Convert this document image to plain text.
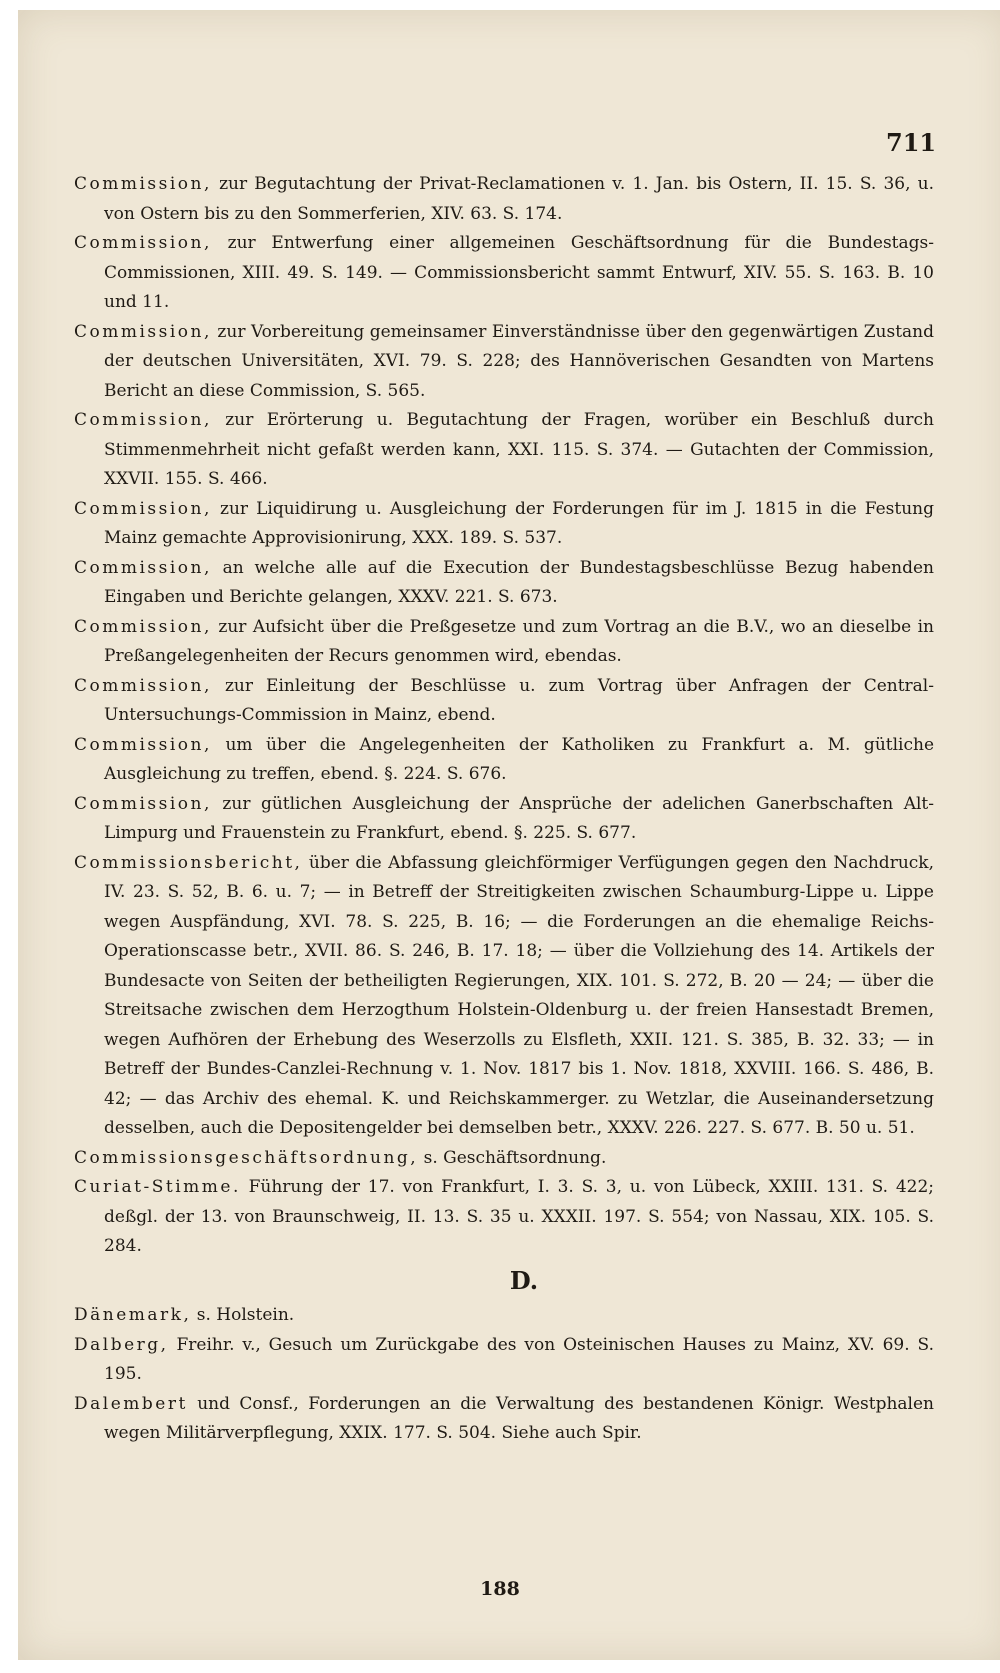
711
Commission, zur Begutachtung der Privat-Reclamationen v. 1. Jan. bis Ostern, II. 15. S. 36, u. von Ostern bis zu den Sommerferien, XIV. 63. S. 174.
Commission, zur Entwerfung einer allgemeinen Geschäftsordnung für die Bundestags-Commissionen, XIII. 49. S. 149. — Commissionsbericht sammt Entwurf, XIV. 55. S. 163. B. 10 und 11.
Commission, zur Vorbereitung gemeinsamer Einverständnisse über den gegenwärtigen Zustand der deutschen Universitäten, XVI. 79. S. 228; des Hannöverischen Gesandten von Martens Bericht an diese Commission, S. 565.
Commission, zur Erörterung u. Begutachtung der Fragen, worüber ein Beschluß durch Stimmenmehrheit nicht gefaßt werden kann, XXI. 115. S. 374. — Gutachten der Commission, XXVII. 155. S. 466.
Commission, zur Liquidirung u. Ausgleichung der Forderungen für im J. 1815 in die Festung Mainz gemachte Approvisionirung, XXX. 189. S. 537.
Commission, an welche alle auf die Execution der Bundestagsbeschlüsse Bezug habenden Eingaben und Berichte gelangen, XXXV. 221. S. 673.
Commission, zur Aufsicht über die Preßgesetze und zum Vortrag an die B.V., wo an dieselbe in Preßangelegenheiten der Recurs genommen wird, ebendas.
Commission, zur Einleitung der Beschlüsse u. zum Vortrag über Anfragen der Central-Untersuchungs-Commission in Mainz, ebend.
Commission, um über die Angelegenheiten der Katholiken zu Frankfurt a. M. gütliche Ausgleichung zu treffen, ebend. §. 224. S. 676.
Commission, zur gütlichen Ausgleichung der Ansprüche der adelichen Ganerbschaften Alt-Limpurg und Frauenstein zu Frankfurt, ebend. §. 225. S. 677.
Commissionsbericht, über die Abfassung gleichförmiger Verfügungen gegen den Nachdruck, IV. 23. S. 52, B. 6. u. 7; — in Betreff der Streitigkeiten zwischen Schaumburg-Lippe u. Lippe wegen Auspfändung, XVI. 78. S. 225, B. 16; — die Forderungen an die ehemalige Reichs-Operationscasse betr., XVII. 86. S. 246, B. 17. 18; — über die Vollziehung des 14. Artikels der Bundesacte von Seiten der betheiligten Regierungen, XIX. 101. S. 272, B. 20 — 24; — über die Streitsache zwischen dem Herzogthum Holstein-Oldenburg u. der freien Hansestadt Bremen, wegen Aufhören der Erhebung des Weserzolls zu Elsfleth, XXII. 121. S. 385, B. 32. 33; — in Betreff der Bundes-Canzlei-Rechnung v. 1. Nov. 1817 bis 1. Nov. 1818, XXVIII. 166. S. 486, B. 42; — das Archiv des ehemal. K. und Reichskammerger. zu Wetzlar, die Auseinandersetzung desselben, auch die Depositengelder bei demselben betr., XXXV. 226. 227. S. 677. B. 50 u. 51.
Commissionsgeschäftsordnung, s. Geschäftsordnung.
Curiat-Stimme. Führung der 17. von Frankfurt, I. 3. S. 3, u. von Lübeck, XXIII. 131. S. 422; deßgl. der 13. von Braunschweig, II. 13. S. 35 u. XXXII. 197. S. 554; von Nassau, XIX. 105. S. 284.
D.
Dänemark, s. Holstein.
Dalberg, Freihr. v., Gesuch um Zurückgabe des von Osteinischen Hauses zu Mainz, XV. 69. S. 195.
Dalembert und Consf., Forderungen an die Verwaltung des bestandenen Königr. Westphalen wegen Militärverpflegung, XXIX. 177. S. 504. Siehe auch Spir.
188
